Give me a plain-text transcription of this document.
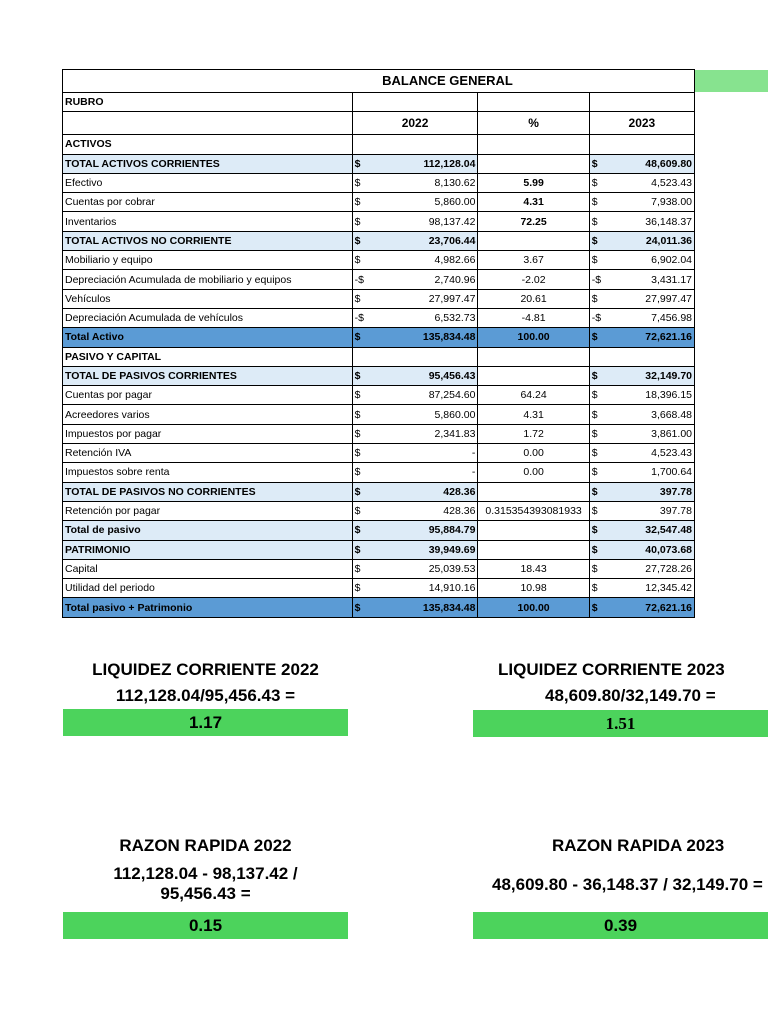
BALANCE GENERAL					
RUBRO					
	2022		%	2023	
ACTIVOS					
TOTAL ACTIVOS CORRIENTES	$	112,128.04		$	48,609.80
Efectivo	$	8,130.62	5.99	$	4,523.43
Cuentas por cobrar	$	5,860.00	4.31	$	7,938.00
Inventarios	$	98,137.42	72.25	$	36,148.37
TOTAL ACTIVOS NO CORRIENTE	$	23,706.44		$	24,011.36
Mobiliario y equipo	$	4,982.66	3.67	$	6,902.04
Depreciación Acumulada de mobiliario y equipos	-$	2,740.96	-2.02	-$	3,431.17
Vehículos	$	27,997.47	20.61	$	27,997.47
Depreciación Acumulada de vehículos	-$	6,532.73	-4.81	-$	7,456.98
Total Activo	$	135,834.48	100.00	$	72,621.16
PASIVO Y CAPITAL					
TOTAL DE PASIVOS CORRIENTES	$	95,456.43		$	32,149.70
Cuentas por pagar	$	87,254.60	64.24	$	18,396.15
Acreedores varios	$	5,860.00	4.31	$	3,668.48
Impuestos por pagar	$	2,341.83	1.72	$	3,861.00
Retención IVA	$	-	0.00	$	4,523.43
Impuestos sobre renta	$	-	0.00	$	1,700.64
TOTAL DE PASIVOS NO CORRIENTES	$	428.36		$	397.78
Retención por pagar	$	428.36	0.315354393081933	$	397.78
Total de pasivo	$	95,884.79		$	32,547.48
PATRIMONIO	$	39,949.69		$	40,073.68
Capital	$	25,039.53	18.43	$	27,728.26
Utilidad del periodo	$	14,910.16	10.98	$	12,345.42
Total pasivo + Patrimonio	$	135,834.48	100.00	$	72,621.16
LIQUIDEZ CORRIENTE 2022
112,128.04/95,456.43 =
1.17
LIQUIDEZ CORRIENTE 2023
48,609.80/32,149.70 =
1.51
RAZON RAPIDA 2022
112,128.04 - 98,137.42 / 95,456.43 =
0.15
RAZON RAPIDA 2023
48,609.80 - 36,148.37 / 32,149.70 =
0.39
